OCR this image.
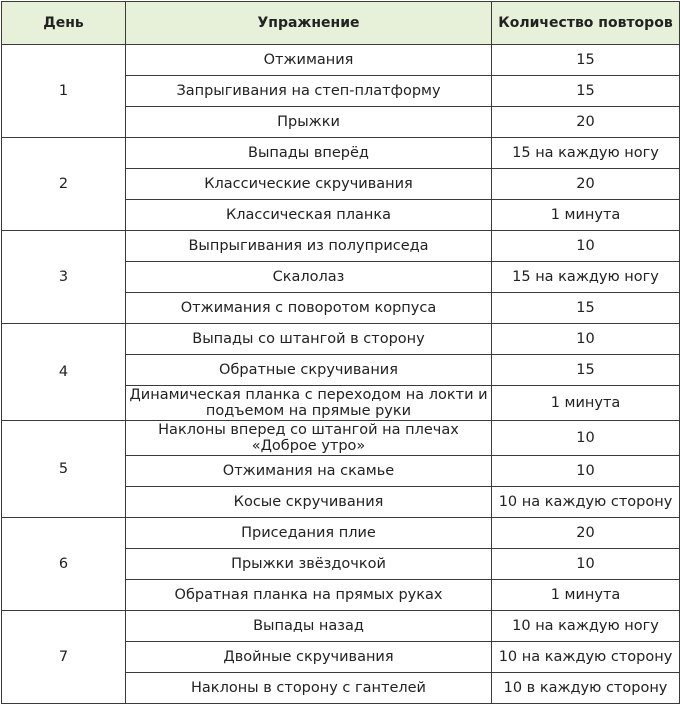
День	Упражнение	Количество повторов
1	Отжимания	15
	Запрыгивания на степ-платформу	15
	Прыжки	20
2	Выпады вперёд	15 на каждую ногу
	Классические скручивания	20
	Классическая планка	1 минута
3	Выпрыгивания из полуприседа	10
	Скалолаз	15 на каждую ногу
	Отжимания с поворотом корпуса	15
4	Выпады со штангой в сторону	10
	Обратные скручивания	15
	Динамическая планка с переходом на локти и подъемом на прямые руки	1 минута
5	Наклоны вперед со штангой на плечах «Доброе утро»	10
	Отжимания на скамье	10
	Косые скручивания	10 на каждую сторону
6	Приседания плие	20
	Прыжки звёздочкой	10
	Обратная планка на прямых руках	1 минута
7	Выпады назад	10 на каждую ногу
	Двойные скручивания	10 на каждую сторону
	Наклоны в сторону с гантелей	10 в каждую сторону
